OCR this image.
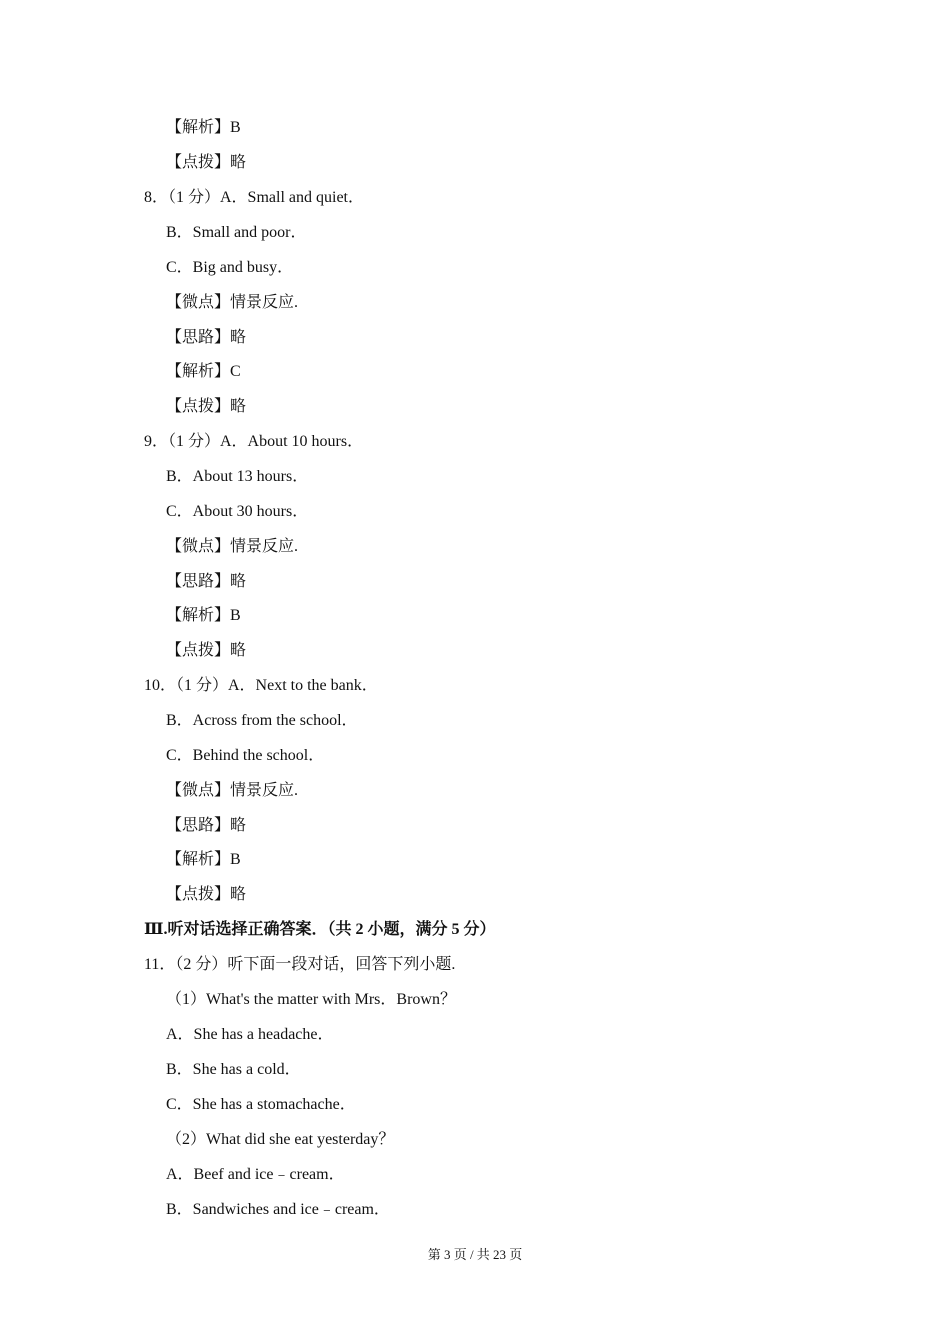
【解析】B
【点拨】略
8．（1 分）A．Small and quiet．
B．Small and poor．
C．Big and busy．
【微点】情景反应.
【思路】略
【解析】C
【点拨】略
9．（1 分）A．About 10 hours．
B．About 13 hours．
C．About 30 hours．
【微点】情景反应.
【思路】略
【解析】B
【点拨】略
10．（1 分）A．Next to the bank．
B．Across from the school．
C．Behind the school．
【微点】情景反应.
【思路】略
【解析】B
【点拨】略
Ⅲ.听对话选择正确答案．（共 2 小题，满分 5 分）
11．（2 分）听下面一段对话，回答下列小题.
（1）What's the matter with Mrs．Brown？
A．She has a headache．
B．She has a cold．
C．She has a stomachache．
（2）What did she eat yesterday？
A．Beef and ice﹣cream．
B．Sandwiches and ice﹣cream．
第 3 页 / 共 23 页
